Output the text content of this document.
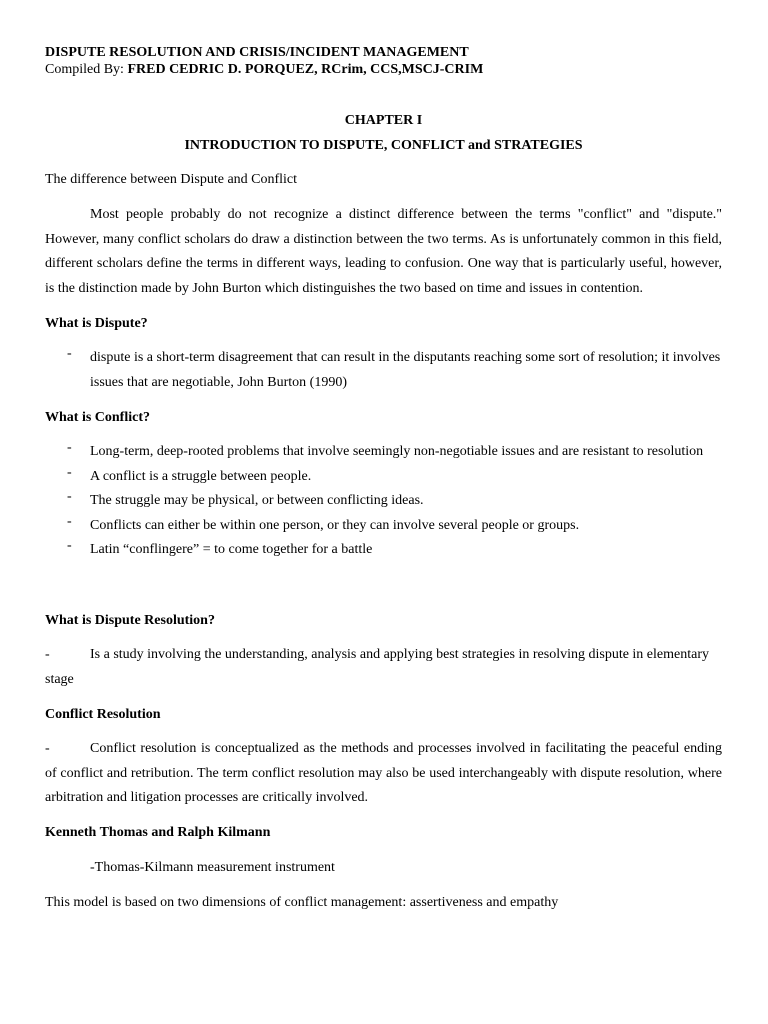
DISPUTE RESOLUTION AND CRISIS/INCIDENT MANAGEMENT
Compiled By: FRED CEDRIC D. PORQUEZ, RCrim, CCS,MSCJ-CRIM
CHAPTER I
INTRODUCTION TO DISPUTE, CONFLICT and STRATEGIES
The difference between Dispute and Conflict
Most people probably do not recognize a distinct difference between the terms "conflict" and "dispute." However, many conflict scholars do draw a distinction between the two terms. As is unfortunately common in this field, different scholars define the terms in different ways, leading to confusion. One way that is particularly useful, however, is the distinction made by John Burton which distinguishes the two based on time and issues in contention.
What is Dispute?
- dispute is a short-term disagreement that can result in the disputants reaching some sort of resolution; it involves issues that are negotiable, John Burton (1990)
What is Conflict?
- Long-term, deep-rooted problems that involve seemingly non-negotiable issues and are resistant to resolution
- A conflict is a struggle between people.
- The struggle may be physical, or between conflicting ideas.
- Conflicts can either be within one person, or they can involve several people or groups.
- Latin “conflingere” = to come together for a battle
What is Dispute Resolution?
-	Is a study involving the understanding, analysis and applying best strategies in resolving dispute in elementary stage
Conflict Resolution
-	Conflict resolution is conceptualized as the methods and processes involved in facilitating the peaceful ending of conflict and retribution. The term conflict resolution may also be used interchangeably with dispute resolution, where arbitration and litigation processes are critically involved.
Kenneth Thomas and Ralph Kilmann
-Thomas-Kilmann measurement instrument
This model is based on two dimensions of conflict management: assertiveness and empathy
